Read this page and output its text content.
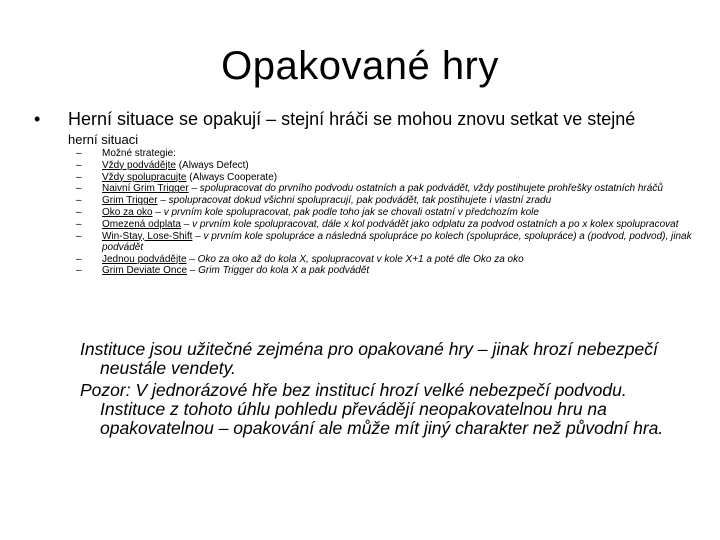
Opakované hry
• Herní situace se opakují – stejní hráči se mohou znovu setkat ve stejné
herní situaci
– Možné strategie:
– Vždy podvádějte (Always Defect)
– Vždy spolupracujte (Always Cooperate)
– Naivní Grim Trigger – spolupracovat do prvního podvodu ostatních a pak podvádět, vždy postihujete prohřešky ostatních hráčů
– Grim Trigger – spolupracovat dokud všichni spolupracují, pak podvádět, tak postihujete i vlastní zradu
– Oko za oko – v prvním kole spolupracovat, pak podle toho jak se chovali ostatní v předchozím kole
– Omezená odplata – v prvním kole spolupracovat, dále x kol podvádět jako odplatu za podvod ostatních a po x kolex spolupracovat
– Win-Stay, Lose-Shift – v prvním kole spolupráce a následná spolupráce po kolech (spolupráce, spolupráce) a (podvod, podvod), jinak podvádět
– Jednou podvádějte – Oko za oko až do kola X, spolupracovat v kole X+1 a poté dle Oko za oko
– Grim Deviate Once – Grim Trigger do kola X a pak podvádět

Instituce jsou užitečné zejména pro opakované hry – jinak hrozí nebezpečí neustále vendety.

Pozor: V jednorázové hře bez institucí hrozí velké nebezpečí podvodu. Instituce z tohoto úhlu pohledu převádějí neopakovatelnou hru na opakovatelnou – opakování ale může mít jiný charakter než původní hra.
